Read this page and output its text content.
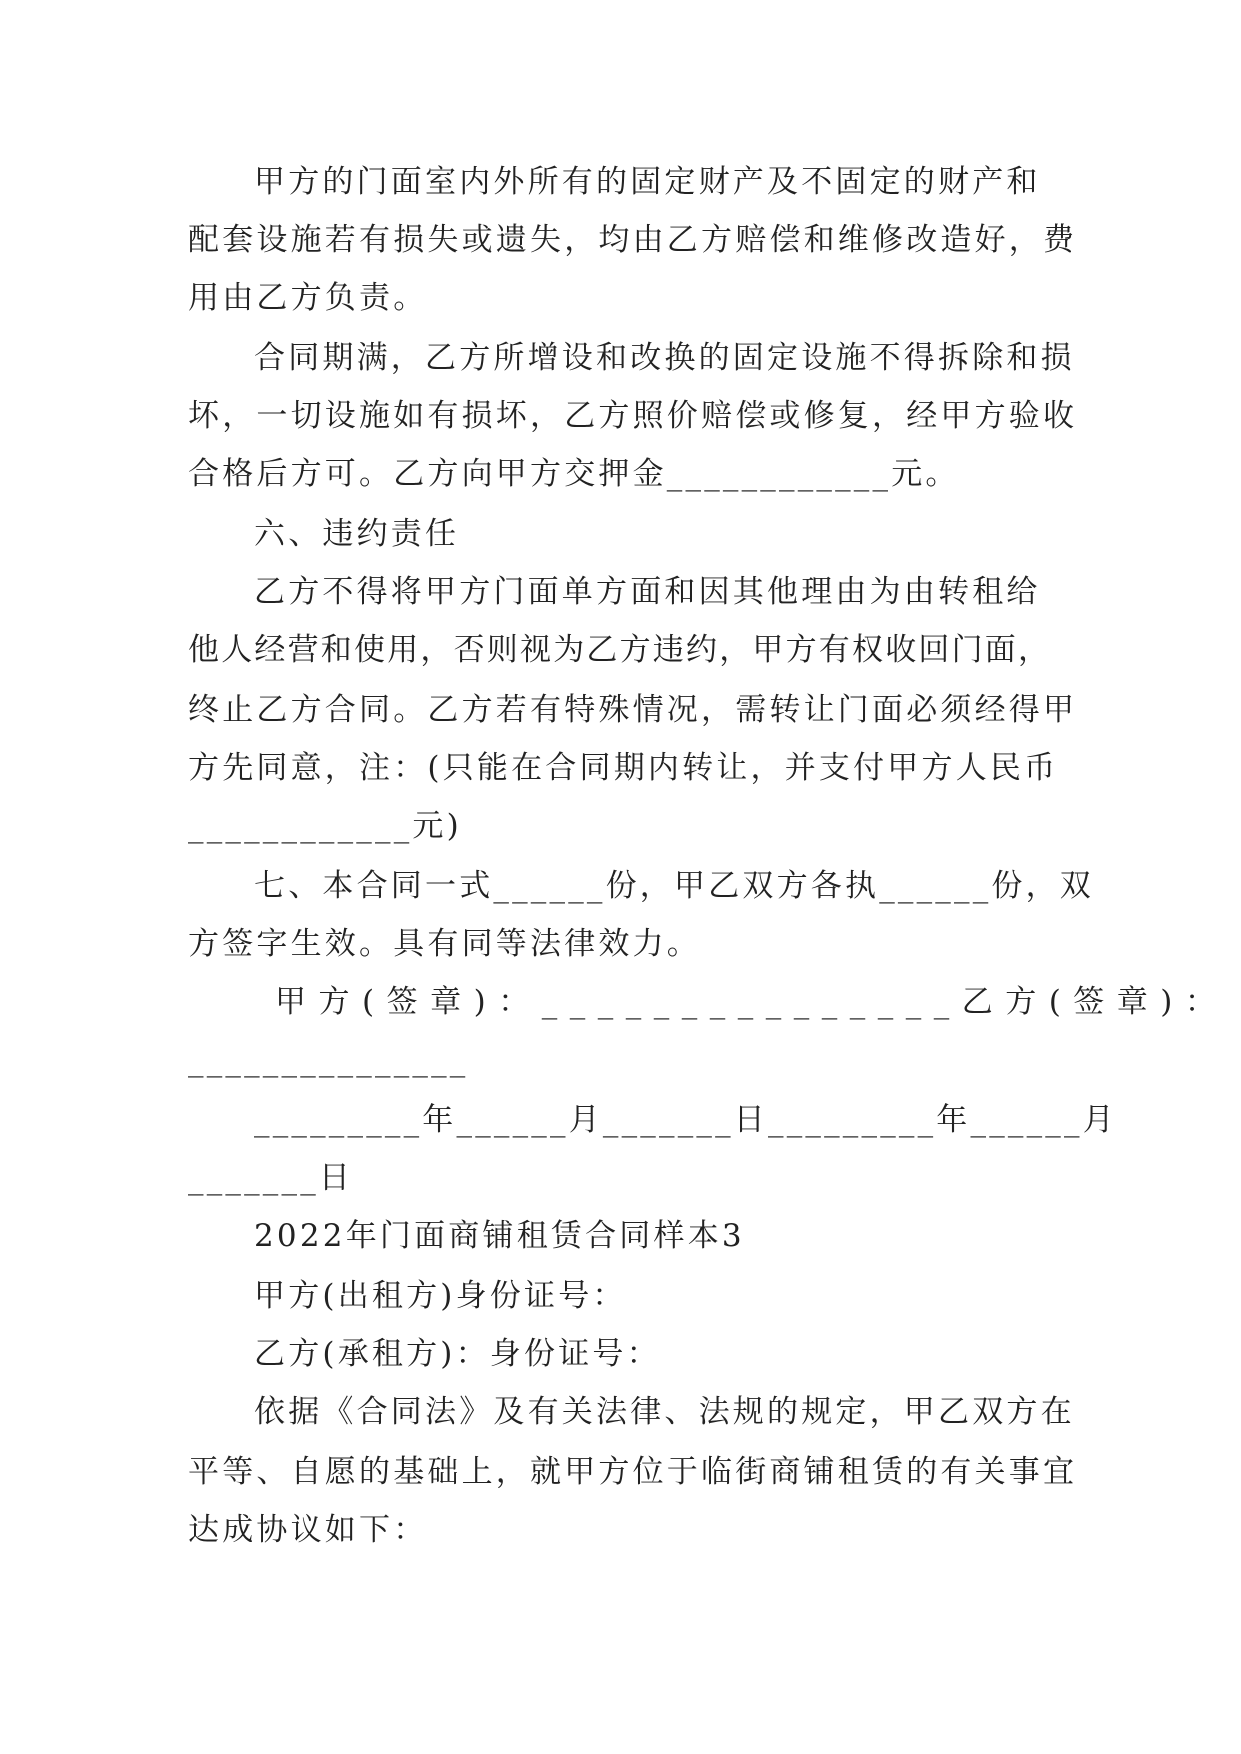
甲方的门面室内外所有的固定财产及不固定的财产和
配套设施若有损失或遗失，均由乙方赔偿和维修改造好，费
用由乙方负责。
合同期满，乙方所增设和改换的固定设施不得拆除和损
坏，一切设施如有损坏，乙方照价赔偿或修复，经甲方验收
合格后方可。乙方向甲方交押金____________元。
六、违约责任
乙方不得将甲方门面单方面和因其他理由为由转租给
他人经营和使用，否则视为乙方违约，甲方有权收回门面，
终止乙方合同。乙方若有特殊情况，需转让门面必须经得甲
方先同意，注：(只能在合同期内转让，并支付甲方人民币
____________元)
七、本合同一式______份，甲乙双方各执______份，双
方签字生效。具有同等法律效力。
甲方(签章)：_______________乙方(签章)：
_______________
_________年______月_______日_________年______月
_______日
2022年门面商铺租赁合同样本3
甲方(出租方)身份证号：
乙方(承租方)：身份证号：
依据《合同法》及有关法律、法规的规定，甲乙双方在
平等、自愿的基础上，就甲方位于临街商铺租赁的有关事宜
达成协议如下：
